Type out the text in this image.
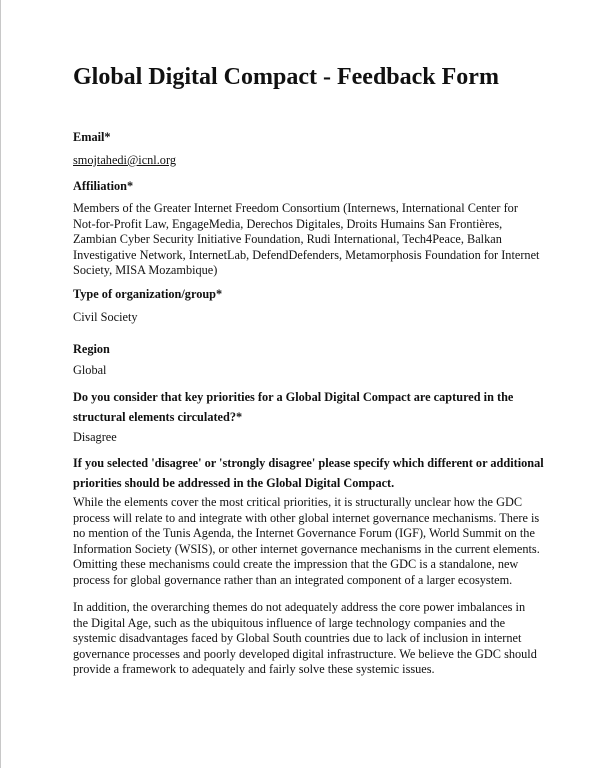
Global Digital Compact - Feedback Form
Email*
smojtahedi@icnl.org
Affiliation*
Members of the Greater Internet Freedom Consortium (Internews, International Center for Not-for-Profit Law, EngageMedia, Derechos Digitales, Droits Humains San Frontières, Zambian Cyber Security Initiative Foundation, Rudi International, Tech4Peace, Balkan Investigative Network, InternetLab, DefendDefenders, Metamorphosis Foundation for Internet Society, MISA Mozambique)
Type of organization/group*
Civil Society
Region
Global
Do you consider that key priorities for a Global Digital Compact are captured in the structural elements circulated?*
Disagree
If you selected 'disagree' or 'strongly disagree' please specify which different or additional priorities should be addressed in the Global Digital Compact.
While the elements cover the most critical priorities, it is structurally unclear how the GDC process will relate to and integrate with other global internet governance mechanisms. There is no mention of the Tunis Agenda, the Internet Governance Forum (IGF), World Summit on the Information Society (WSIS), or other internet governance mechanisms in the current elements. Omitting these mechanisms could create the impression that the GDC is a standalone, new process for global governance rather than an integrated component of a larger ecosystem.
In addition, the overarching themes do not adequately address the core power imbalances in the Digital Age, such as the ubiquitous influence of large technology companies and the systemic disadvantages faced by Global South countries due to lack of inclusion in internet governance processes and poorly developed digital infrastructure. We believe the GDC should provide a framework to adequately and fairly solve these systemic issues.
